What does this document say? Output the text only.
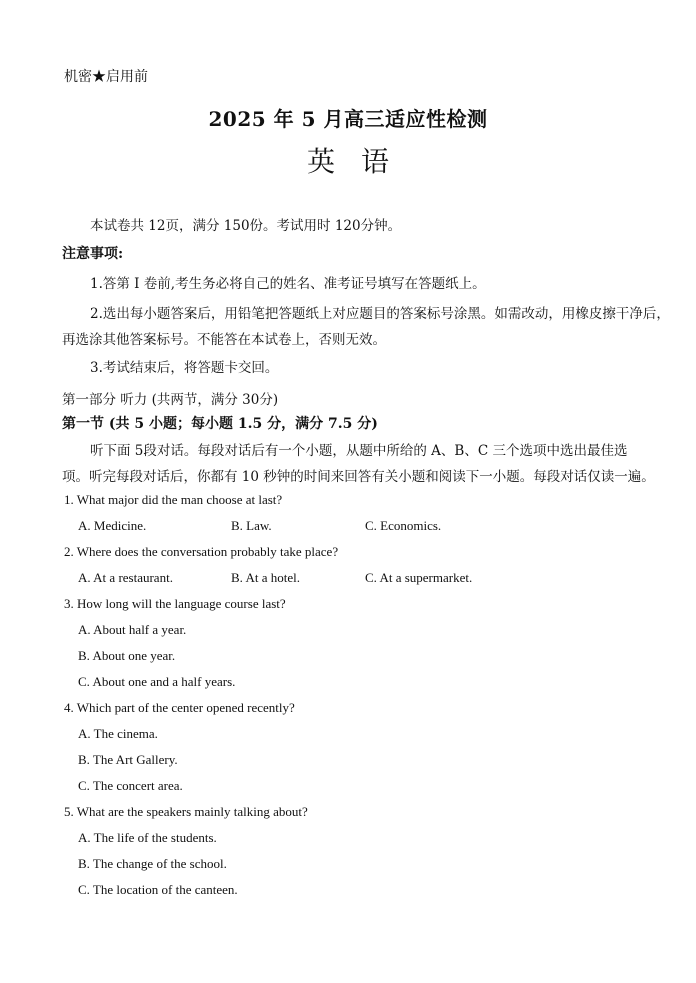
机密★启用前
2025 年 5 月高三适应性检测
英语
本试卷共 12页，满分 150份。考试用时 120分钟。
注意事项:
1.答第 I 卷前,考生务必将自己的姓名、准考证号填写在答题纸上。
2.选出每小题答案后，用铅笔把答题纸上对应题目的答案标号涂黑。如需改动，用橡皮擦干净后，
再选涂其他答案标号。不能答在本试卷上，否则无效。
3.考试结束后，将答题卡交回。
第一部分 听力 (共两节，满分 30分)
第一节 (共 5 小题；每小题 1.5 分，满分 7.5 分)
听下面 5段对话。每段对话后有一个小题，从题中所给的 A、B、C 三个选项中选出最佳选
项。听完每段对话后，你都有 10 秒钟的时间来回答有关小题和阅读下一小题。每段对话仅读一遍。
1. What major did the man choose at last?
A. Medicine.	B. Law.	C. Economics.
2. Where does the conversation probably take place?
A. At a restaurant.	B. At a hotel.	C. At a supermarket.
3. How long will the language course last?
A. About half a year.
B. About one year.
C. About one and a half years.
4. Which part of the center opened recently?
A. The cinema.
B. The Art Gallery.
C. The concert area.
5. What are the speakers mainly talking about?
A. The life of the students.
B. The change of the school.
C. The location of the canteen.
